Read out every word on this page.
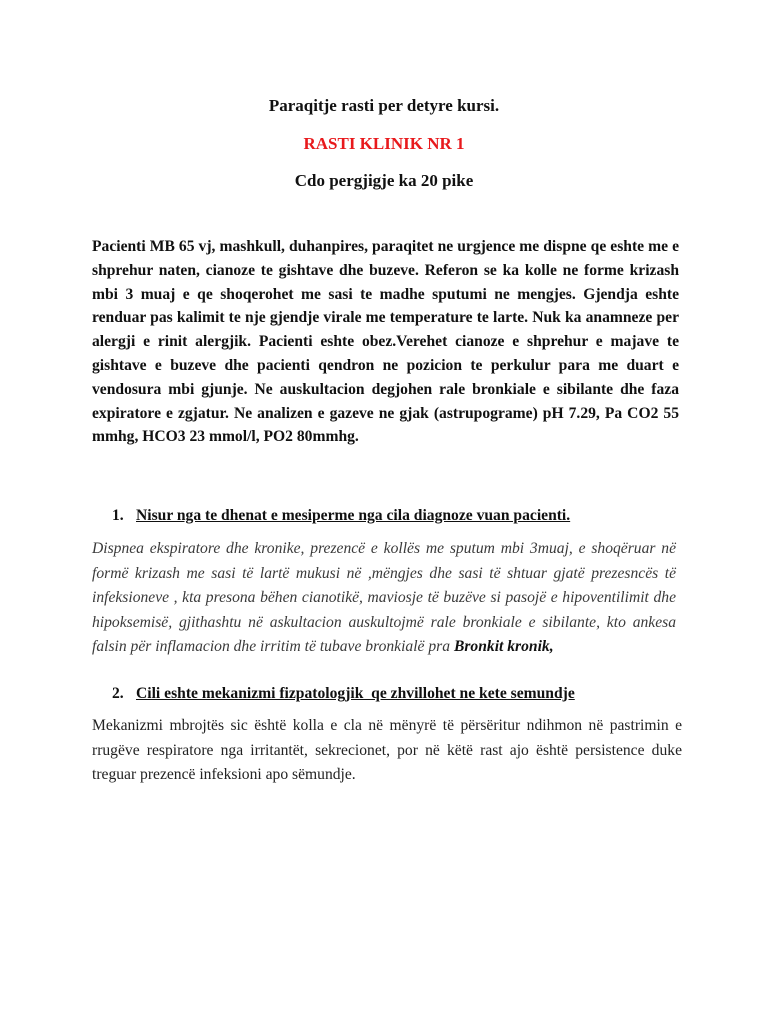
Paraqitje rasti per detyre kursi.
RASTI KLINIK NR 1
Cdo pergjigje ka 20 pike

Pacienti MB 65 vj, mashkull, duhanpires, paraqitet ne urgjence me dispne qe eshte me e shprehur naten, cianoze te gishtave dhe buzeve. Referon se ka kolle ne forme krizash mbi 3 muaj e qe shoqerohet me sasi te madhe sputumi ne mengjes. Gjendja eshte renduar pas kalimit te nje gjendje virale me temperature te larte. Nuk ka anamneze per alergji e rinit alergjik. Pacienti eshte obez.Verehet cianoze e shprehur e majave te gishtave e buzeve dhe pacienti qendron ne pozicion te perkulur para me duart e vendosura mbi gjunje. Ne auskultacion degjohen rale bronkiale e sibilante dhe faza expiratore e zgjatur. Ne analizen e gazeve ne gjak (astrupograme) pH 7.29, Pa CO2 55 mmhg, HCO3 23 mmol/l, PO2 80mmhg.

1. Nisur nga te dhenat e mesiperme nga cila diagnoze vuan pacienti.

Dispnea ekspiratore dhe kronike, prezencë e kollës me sputum mbi 3muaj, e shoqëruar në formë krizash me sasi të lartë mukusi në ,mëngjes dhe sasi të shtuar gjatë prezesncës të infeksioneve , kta presona bëhen cianotikë, maviosje të buzëve si pasojë e hipoventilimit dhe hipoksemisë, gjithashtu në askultacion auskultojmë rale bronkiale e sibilante, kto ankesa falsin për inflamacion dhe irritim të tubave bronkialë pra Bronkit kronik,

2. Cili eshte mekanizmi fizpatologjik  qe zhvillohet ne kete semundje

Mekanizmi mbrojtës sic është kolla e cla në mënyrë të përsëritur ndihmon në pastrimin e rrugëve respiratore nga irritantët, sekrecionet, por në këtë rast ajo është persistence duke treguar prezencë infeksioni apo sëmundje.
